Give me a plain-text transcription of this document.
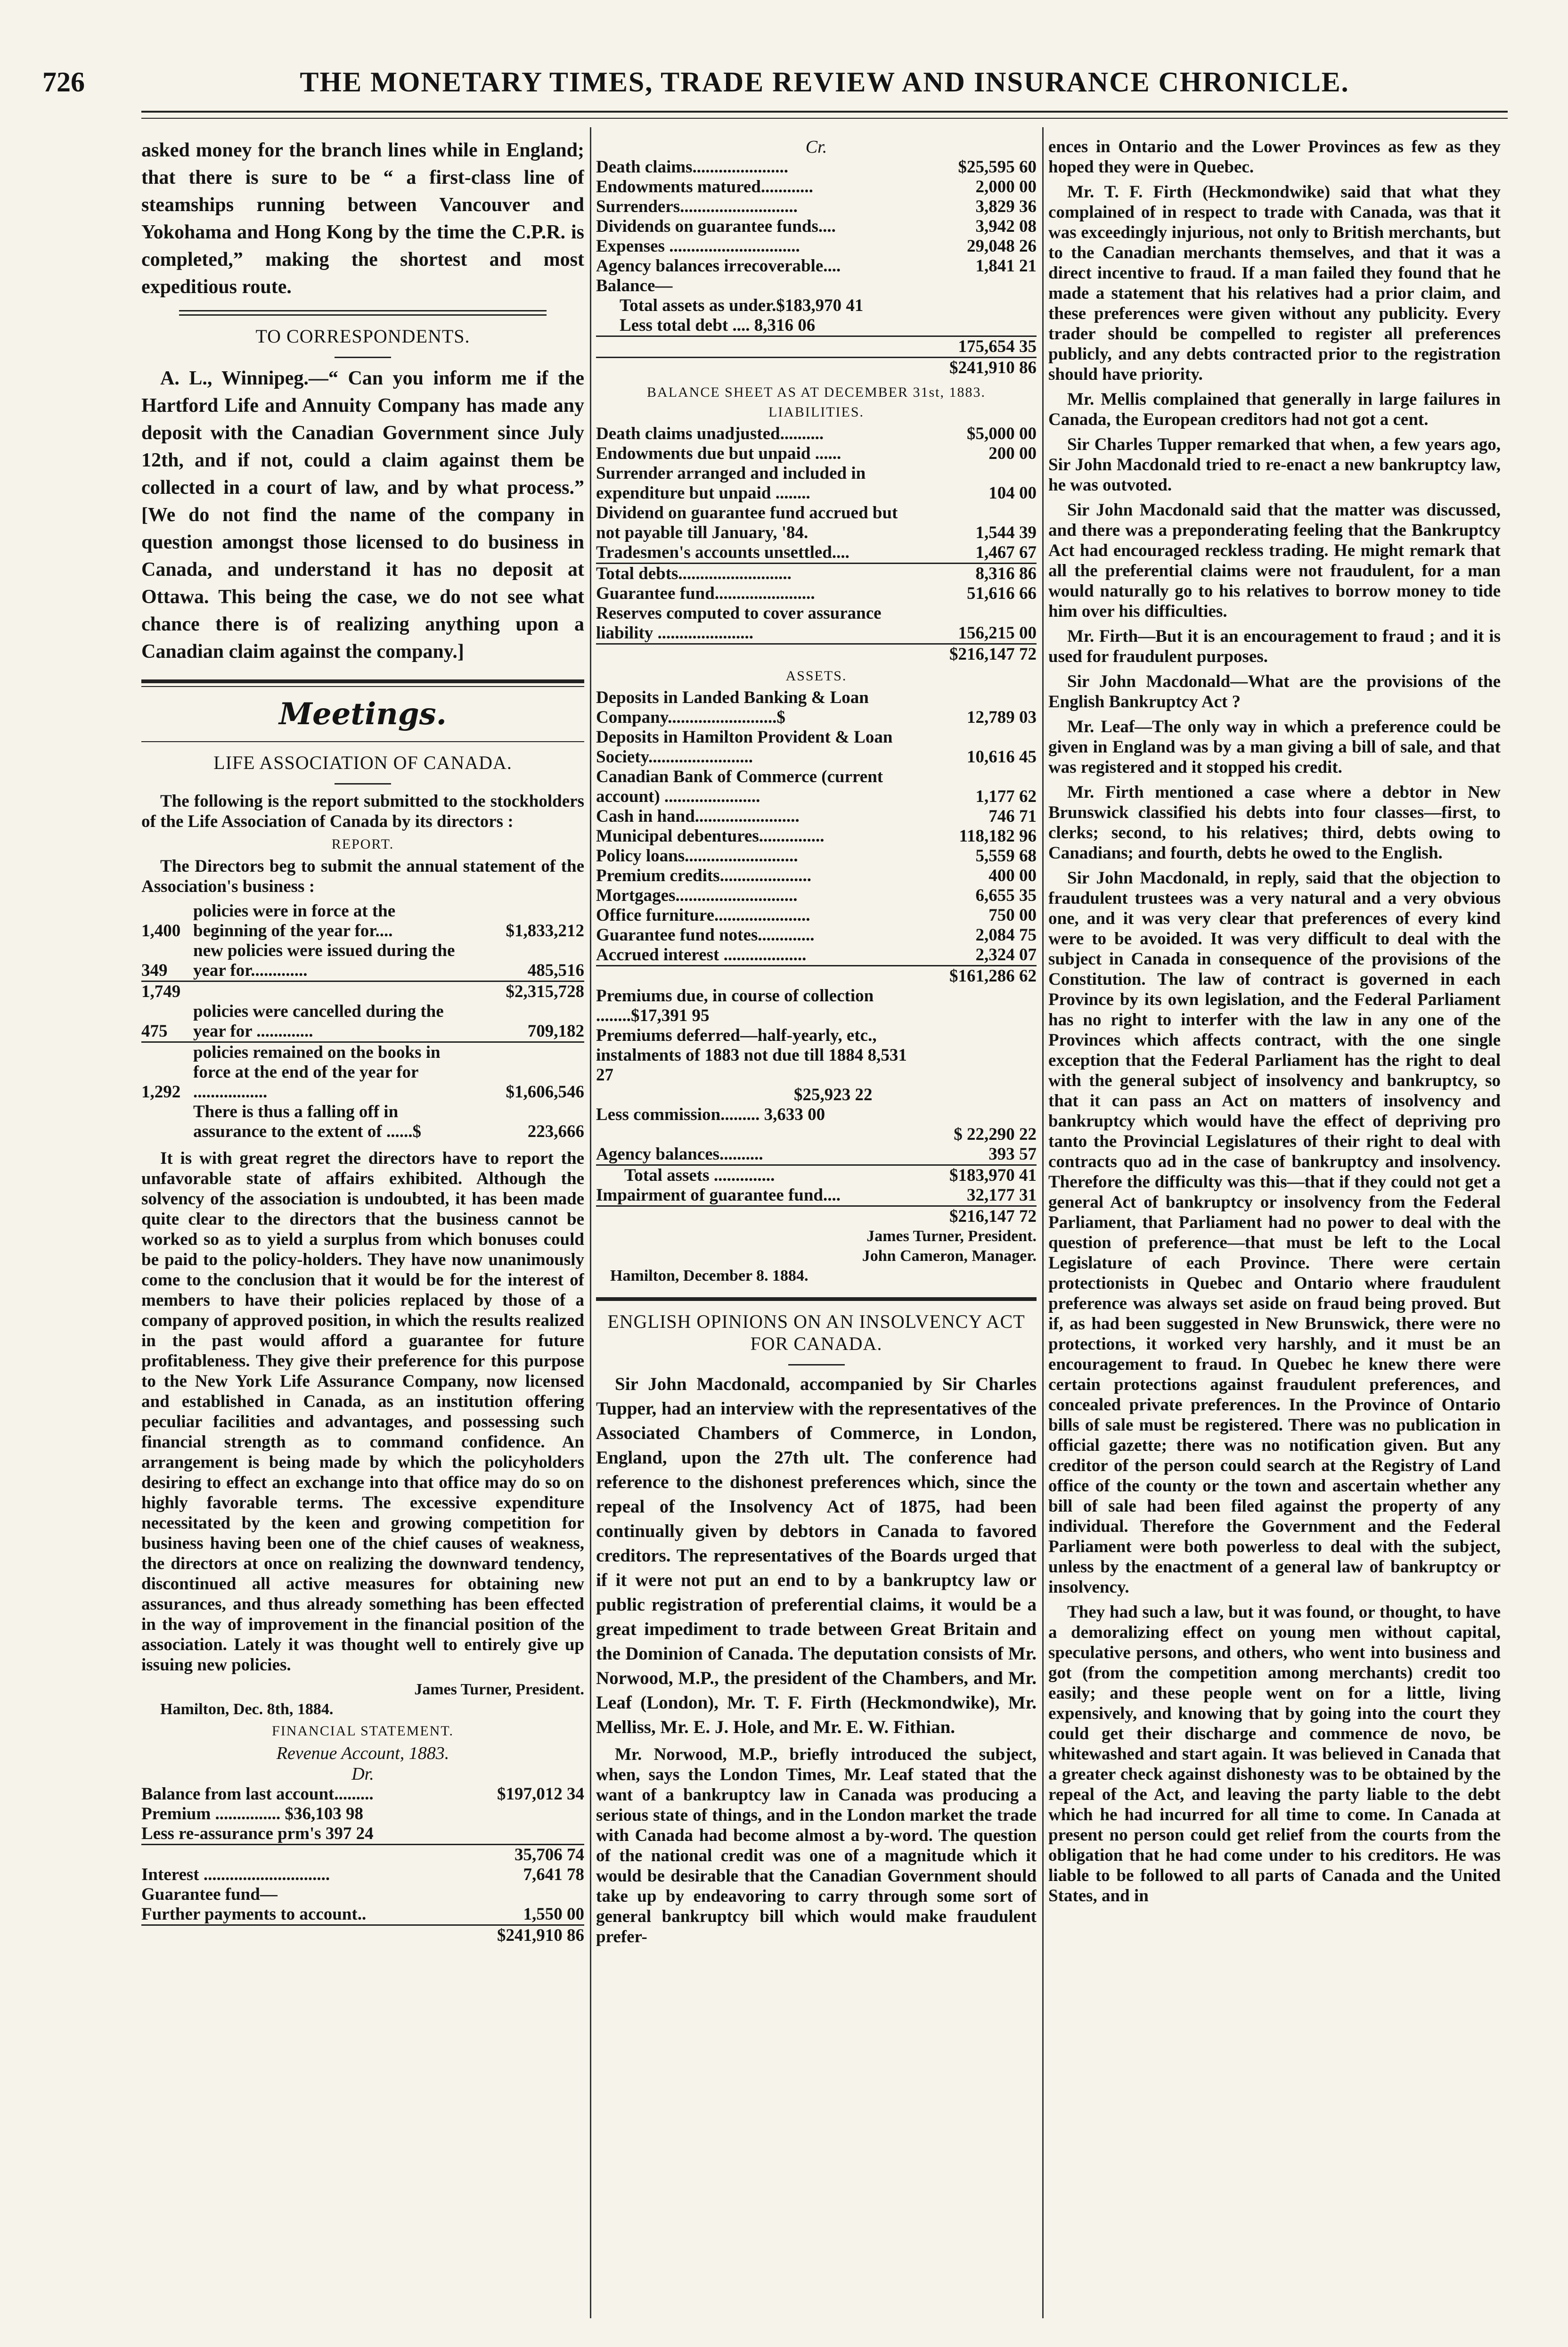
726	THE MONETARY TIMES, TRADE REVIEW AND INSURANCE CHRONICLE.

asked money for the branch lines while in England; that there is sure to be “ a first-class line of steamships running between Vancouver and Yokohama and Hong Kong by the time the C.P.R. is completed,” making the shortest and most expeditious route.

TO CORRESPONDENTS.

A. L., Winnipeg.—“ Can you inform me if the Hartford Life and Annuity Company has made any deposit with the Canadian Government since July 12th, and if not, could a claim against them be collected in a court of law, and by what process.” [We do not find the name of the company in question amongst those licensed to do business in Canada, and understand it has no deposit at Ottawa. This being the case, we do not see what chance there is of realizing anything upon a Canadian claim against the company.]

Meetings.
LIFE ASSOCIATION OF CANADA.

The following is the report submitted to the stockholders of the Life Association of Canada by its directors :

REPORT.

The Directors beg to submit the annual statement of the Association's business :

1,400	policies were in force at the beginning of the year for....	$1,833,212
349	new policies were issued during the year for.............	485,516
1,749		$2,315,728
475	policies were cancelled during the year for .............	709,182
1,292	policies remained on the books in force at the end of the year for .................	$1,606,546
	There is thus a falling off in assurance to the extent of ......$	223,666

It is with great regret the directors have to report the unfavorable state of affairs exhibited. Although the solvency of the association is undoubted, it has been made quite clear to the directors that the business cannot be worked so as to yield a surplus from which bonuses could be paid to the policy-holders. They have now unanimously come to the conclusion that it would be for the interest of members to have their policies replaced by those of a company of approved position, in which the results realized in the past would afford a guarantee for future profitableness. They give their preference for this purpose to the New York Life Assurance Company, now licensed and established in Canada, as an institution offering peculiar facilities and advantages, and possessing such financial strength as to command confidence. An arrangement is being made by which the policyholders desiring to effect an exchange into that office may do so on highly favorable terms. The excessive expenditure necessitated by the keen and growing competition for business having been one of the chief causes of weakness, the directors at once on realizing the downward tendency, discontinued all active measures for obtaining new assurances, and thus already something has been effected in the way of improvement in the financial position of the association. Lately it was thought well to entirely give up issuing new policies.

James Turner, President.
Hamilton, Dec. 8th, 1884.
FINANCIAL STATEMENT.
Revenue Account, 1883.
Dr.
Balance from last account.........	$197,012 34
Premium ............... $36,103 98	
Less re-assurance prm's 397 24	
	35,706 74
Interest .............................	7,641 78
Guarantee fund—	
Further payments to account..	1,550 00
	$241,910 86
Cr.
Death claims......................	$25,595 60
Endowments matured............	2,000 00
Surrenders...........................	3,829 36
Dividends on guarantee funds....	3,942 08
Expenses ..............................	29,048 26
Agency balances irrecoverable....	1,841 21
Balance—	
Total assets as under.$183,970 41	
Less total debt .... 8,316 06	
	175,654 35
	$241,910 86
BALANCE SHEET AS AT DECEMBER 31st, 1883.
LIABILITIES.
Death claims unadjusted..........	$5,000 00
Endowments due but unpaid ......	200 00
Surrender arranged and included in expenditure but unpaid ........	104 00
Dividend on guarantee fund accrued but not payable till January, '84.	1,544 39
Tradesmen's accounts unsettled....	1,467 67
Total debts..........................	8,316 86
Guarantee fund.......................	51,616 66
Reserves computed to cover assurance liability ......................	156,215 00
	$216,147 72
ASSETS.
Deposits in Landed Banking & Loan Company.........................$	12,789 03
Deposits in Hamilton Provident & Loan Society........................	10,616 45
Canadian Bank of Commerce (current account) ......................	1,177 62
Cash in hand........................	746 71
Municipal debentures...............	118,182 96
Policy loans..........................	5,559 68
Premium credits.....................	400 00
Mortgages............................	6,655 35
Office furniture......................	750 00
Guarantee fund notes.............	2,084 75
Accrued interest ...................	2,324 07
	$161,286 62
Premiums due, in course of collection ........$17,391 95	
Premiums deferred—half-yearly, etc., instalments of 1883 not due till 1884 8,531 27	
$25,923 22	
Less commission......... 3,633 00	
	$ 22,290 22
Agency balances..........	393 57
Total assets ..............	$183,970 41
Impairment of guarantee fund....	32,177 31
	$216,147 72
James Turner, President.
John Cameron, Manager.
Hamilton, December 8. 1884.
ENGLISH OPINIONS ON AN INSOLVENCY ACT FOR CANADA.

Sir John Macdonald, accompanied by Sir Charles Tupper, had an interview with the representatives of the Associated Chambers of Commerce, in London, England, upon the 27th ult. The conference had reference to the dishonest preferences which, since the repeal of the Insolvency Act of 1875, had been continually given by debtors in Canada to favored creditors. The representatives of the Boards urged that if it were not put an end to by a bankruptcy law or public registration of preferential claims, it would be a great impediment to trade between Great Britain and the Dominion of Canada. The deputation consists of Mr. Norwood, M.P., the president of the Chambers, and Mr. Leaf (London), Mr. T. F. Firth (Heckmondwike), Mr. Melliss, Mr. E. J. Hole, and Mr. E. W. Fithian.

Mr. Norwood, M.P., briefly introduced the subject, when, says the London Times, Mr. Leaf stated that the want of a bankruptcy law in Canada was producing a serious state of things, and in the London market the trade with Canada had become almost a by-word. The question of the national credit was one of a magnitude which it would be desirable that the Canadian Government should take up by endeavoring to carry through some sort of general bankruptcy bill which would make fraudulent prefer-

ences in Ontario and the Lower Provinces as few as they hoped they were in Quebec.

Mr. T. F. Firth (Heckmondwike) said that what they complained of in respect to trade with Canada, was that it was exceedingly injurious, not only to British merchants, but to the Canadian merchants themselves, and that it was a direct incentive to fraud. If a man failed they found that he made a statement that his relatives had a prior claim, and these preferences were given without any publicity. Every trader should be compelled to register all preferences publicly, and any debts contracted prior to the registration should have priority.

Mr. Mellis complained that generally in large failures in Canada, the European creditors had not got a cent.

Sir Charles Tupper remarked that when, a few years ago, Sir John Macdonald tried to re-enact a new bankruptcy law, he was outvoted.

Sir John Macdonald said that the matter was discussed, and there was a preponderating feeling that the Bankruptcy Act had encouraged reckless trading. He might remark that all the preferential claims were not fraudulent, for a man would naturally go to his relatives to borrow money to tide him over his difficulties.

Mr. Firth—But it is an encouragement to fraud ; and it is used for fraudulent purposes.

Sir John Macdonald—What are the provisions of the English Bankruptcy Act ?

Mr. Leaf—The only way in which a preference could be given in England was by a man giving a bill of sale, and that was registered and it stopped his credit.

Mr. Firth mentioned a case where a debtor in New Brunswick classified his debts into four classes—first, to clerks; second, to his relatives; third, debts owing to Canadians; and fourth, debts he owed to the English.

Sir John Macdonald, in reply, said that the objection to fraudulent trustees was a very natural and a very obvious one, and it was very clear that preferences of every kind were to be avoided. It was very difficult to deal with the subject in Canada in consequence of the provisions of the Constitution. The law of contract is governed in each Province by its own legislation, and the Federal Parliament has no right to interfer with the law in any one of the Provinces which affects contract, with the one single exception that the Federal Parliament has the right to deal with the general subject of insolvency and bankruptcy, so that it can pass an Act on matters of insolvency and bankruptcy which would have the effect of depriving pro tanto the Provincial Legislatures of their right to deal with contracts quo ad in the case of bankruptcy and insolvency. Therefore the difficulty was this—that if they could not get a general Act of bankruptcy or insolvency from the Federal Parliament, that Parliament had no power to deal with the question of preference—that must be left to the Local Legislature of each Province. There were certain protectionists in Quebec and Ontario where fraudulent preference was always set aside on fraud being proved. But if, as had been suggested in New Brunswick, there were no protections, it worked very harshly, and it must be an encouragement to fraud. In Quebec he knew there were certain protections against fraudulent preferences, and concealed private preferences. In the Province of Ontario bills of sale must be registered. There was no publication in official gazette; there was no notification given. But any creditor of the person could search at the Registry of Land office of the county or the town and ascertain whether any bill of sale had been filed against the property of any individual. Therefore the Government and the Federal Parliament were both powerless to deal with the subject, unless by the enactment of a general law of bankruptcy or insolvency.

They had such a law, but it was found, or thought, to have a demoralizing effect on young men without capital, speculative persons, and others, who went into business and got (from the competition among merchants) credit too easily; and these people went on for a little, living expensively, and knowing that by going into the court they could get their discharge and commence de novo, be whitewashed and start again. It was believed in Canada that a greater check against dishonesty was to be obtained by the repeal of the Act, and leaving the party liable to the debt which he had incurred for all time to come. In Canada at present no person could get relief from the courts from the obligation that he had come under to his creditors. He was liable to be followed to all parts of Canada and the United States, and in
